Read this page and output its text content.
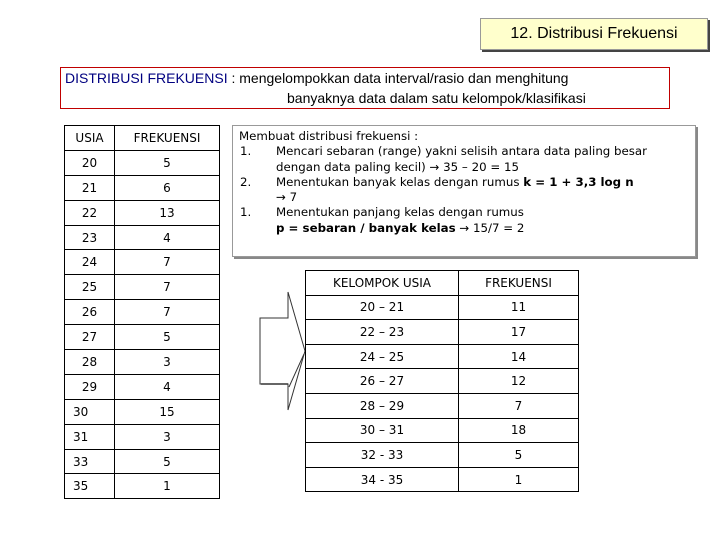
12. Distribusi Frekuensi
DISTRIBUSI FREKUENSI : mengelompokkan data interval/rasio dan menghitung
banyaknya data dalam satu kelompok/klasifikasi
USIA	FREKUENSI
20	5
21	6
22	13
23	4
24	7
25	7
26	7
27	5
28	3
29	4
30	15
31	3
33	5
35	1
Membuat distribusi frekuensi :
1. Mencari sebaran (range) yakni selisih antara data paling besar dengan data paling kecil) → 35 – 20 = 15
2. Menentukan banyak kelas dengan rumus k = 1 + 3,3 log n
→ 7
1. Menentukan panjang kelas dengan rumus
p = sebaran / banyak kelas → 15/7 = 2
KELOMPOK USIA	FREKUENSI
20 – 21	11
22 – 23	17
24 – 25	14
26 – 27	12
28 – 29	7
30 – 31	18
32 - 33	5
34 - 35	1
